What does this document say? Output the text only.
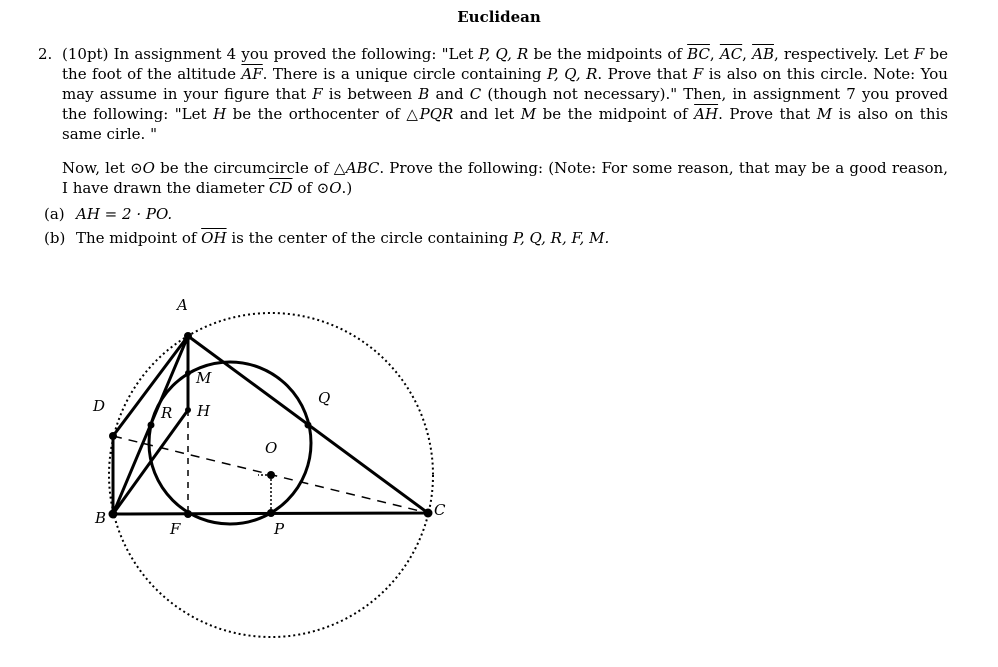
Euclidean
2. (10pt) In assignment 4 you proved the following: "Let P, Q, R be the midpoints of $\overline{BC}$, $\overline{AC}$, $\overline{AB}$, respectively. Let F be the foot of the altitude $\overline{AF}$. There is a unique circle containing P, Q, R. Prove that F is also on this circle. Note: You may assume in your figure that F is between B and C (though not necessary)." Then, in assignment 7 you proved the following: "Let H be the orthocenter of △PQR and let M be the midpoint of $\overline{AH}$. Prove that M is also on this same cirle. "
Now, let ⊙O be the circumcircle of △ABC. Prove the following: (Note: For some reason, that may be a good reason, I have drawn the diameter $\overline{CD}$ of ⊙O.)
(a) AH = 2 · PO.
(b) The midpoint of $\overline{OH}$ is the center of the circle containing P, Q, R, F, M.
A
B	C
D
F
H
M
O
P
Q
R
